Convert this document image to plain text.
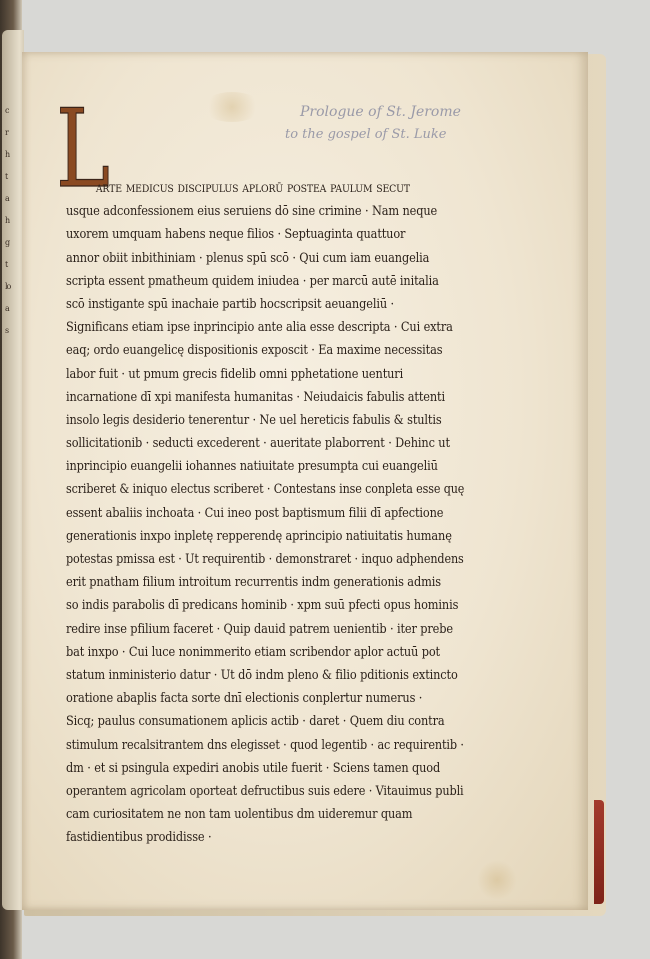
c
r
h
t
a
h
g
t
lo
a
s
Prologue of St. Jerome
to the gospel of St. Luke
L
arte medicus discipulus aplorū postea paulum secut
usque adconfessionem eius seruiens dō sine crimine · Nam neque
uxorem umquam habens neque filios · Septuaginta quattuor
annor obiit inbithiniam · plenus spū scō · Qui cum iam euangelia
scripta essent pmatheum quidem iniudea · per marcū autē initalia
scō instigante spū inachaie partib hocscripsit aeuangeliū ·
Significans etiam ipse inprincipio ante alia esse descripta · Cui extra
eaq; ordo euangelicę dispositionis exposcit · Ea maxime necessitas
labor fuit · ut pmum grecis fidelib omni pphetatione uenturi
incarnatione dī xpi manifesta humanitas · Neiudaicis fabulis attenti
insolo legis desiderio tenerentur · Ne uel hereticis fabulis & stultis
sollicitationib · seducti excederent · aueritate plaborrent · Dehinc ut
inprincipio euangelii iohannes natiuitate presumpta cui euangeliū
scriberet & iniquo electus scriberet · Contestans inse conpleta esse quę
essent abaliis inchoata · Cui ineo post baptismum filii dī apfectione
generationis inxpo inpletę repperendę aprincipio natiuitatis humanę
potestas pmissa est · Ut requirentib · demonstraret · inquo adphendens
erit pnatham filium introitum recurrentis indm generationis admis
so indis parabolis dī predicans hominib · xpm suū pfecti opus hominis
redire inse pfilium faceret · Quip dauid patrem uenientib · iter prebe
bat inxpo · Cui luce nonimmerito etiam scribendor aplor actuū pot
statum inministerio datur · Ut dō indm pleno & filio pditionis extincto
oratione abaplis facta sorte dnī electionis conplertur numerus ·
Sicq; paulus consumationem aplicis actib · daret · Quem diu contra
stimulum recalsitrantem dns elegisset · quod legentib · ac requirentib ·
dm · et si psingula expediri anobis utile fuerit · Sciens tamen quod
operantem agricolam oporteat defructibus suis edere · Vitauimus publi
cam curiositatem ne non tam uolentibus dm uideremur quam
fastidientibus prodidisse ·
